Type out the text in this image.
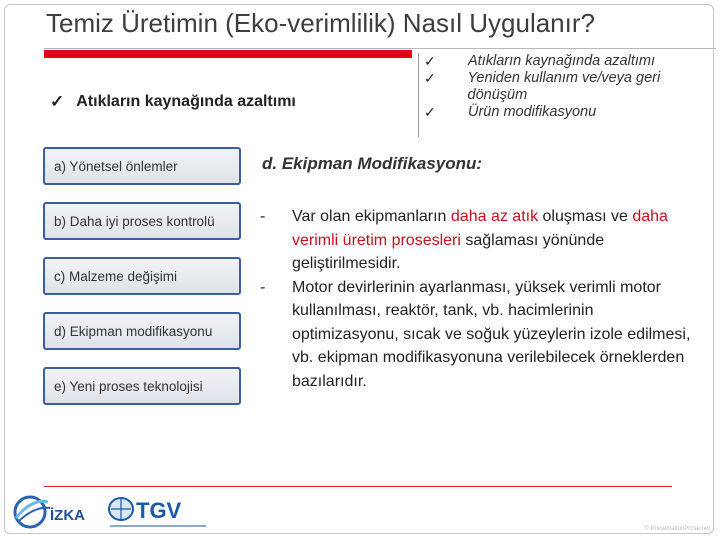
Temiz Üretimin (Eko-verimlilik) Nasıl Uygulanır?
✓ Atıkların kaynağında azaltımı
✓	Atıkların kaynağında azaltımı
✓	Yeniden kullanım ve/veya geri dönüşüm
✓	Ürün modifikasyonu
a) Yönetsel önlemler
b) Daha iyi proses kontrolü
c) Malzeme değişimi
d) Ekipman modifikasyonu
e) Yeni proses teknolojisi
d. Ekipman Modifikasyonu:
-	Var olan ekipmanların daha az atık oluşması ve daha verimli üretim prosesleri sağlaması yönünde geliştirilmesidir.
-	Motor devirlerinin ayarlanması, yüksek verimli motor kullanılması, reaktör, tank, vb. hacimlerinin optimizasyonu, sıcak ve soğuk yüzeylerin izole edilmesi, vb. ekipman modifikasyonuna verilebilecek örneklerden bazılarıdır.
İZKA TGV
© PresentationProse.net
